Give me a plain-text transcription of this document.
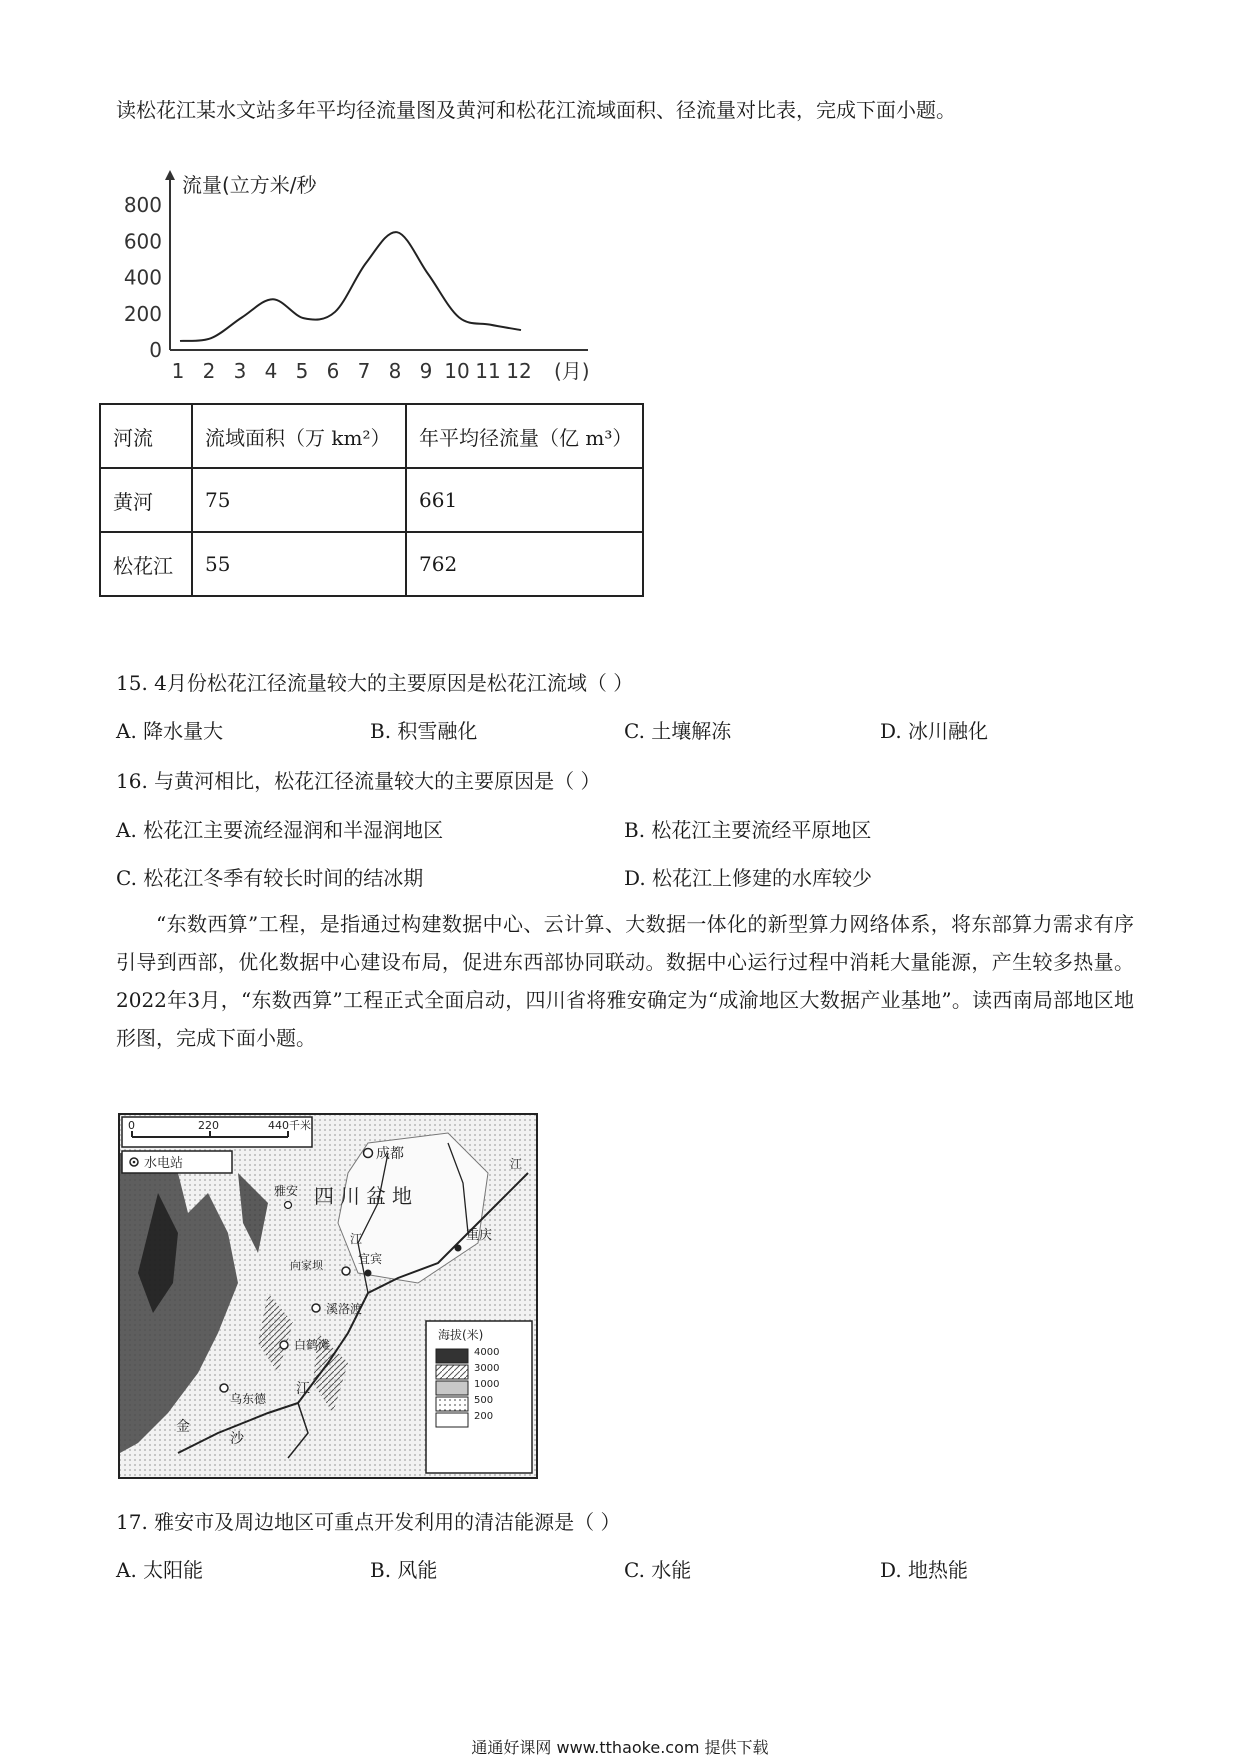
读松花江某水文站多年平均径流量图及黄河和松花江流域面积、径流量对比表，完成下面小题。
流量(立方米/秒
(月)
800
600
400
200
0
1 2 3 4 5 6 7 8 9 10 11 12
河流	流域面积（万 km²）	年平均径流量（亿 m³）
黄河	75	661
松花江	55	762
15. 4月份松花江径流量较大的主要原因是松花江流域（ ）
A. 降水量大	B. 积雪融化	C. 土壤解冻	D. 冰川融化
16. 与黄河相比，松花江径流量较大的主要原因是（ ）
A. 松花江主要流经湿润和半湿润地区	B. 松花江主要流经平原地区
C. 松花江冬季有较长时间的结冰期	D. 松花江上修建的水库较少
“东数西算”工程，是指通过构建数据中心、云计算、大数据一体化的新型算力网络体系，将东部算力需求有序引导到西部，优化数据中心建设布局，促进东西部协同联动。数据中心运行过程中消耗大量能源，产生较多热量。2022年3月，“东数西算”工程正式全面启动，四川省将雅安确定为“成渝地区大数据产业基地”。读西南局部地区地形图，完成下面小题。
0	220	440千米
水电站
成都
四川盆地
雅安
江
江	重庆
宜宾
向家坝
溪洛渡
白鹤滩
乌东德
江
金
沙
海拔(米)
4000
3000
1000
500
200
17. 雅安市及周边地区可重点开发利用的清洁能源是（ ）
A. 太阳能	B. 风能	C. 水能	D. 地热能
通通好课网 www.tthaoke.com 提供下载
